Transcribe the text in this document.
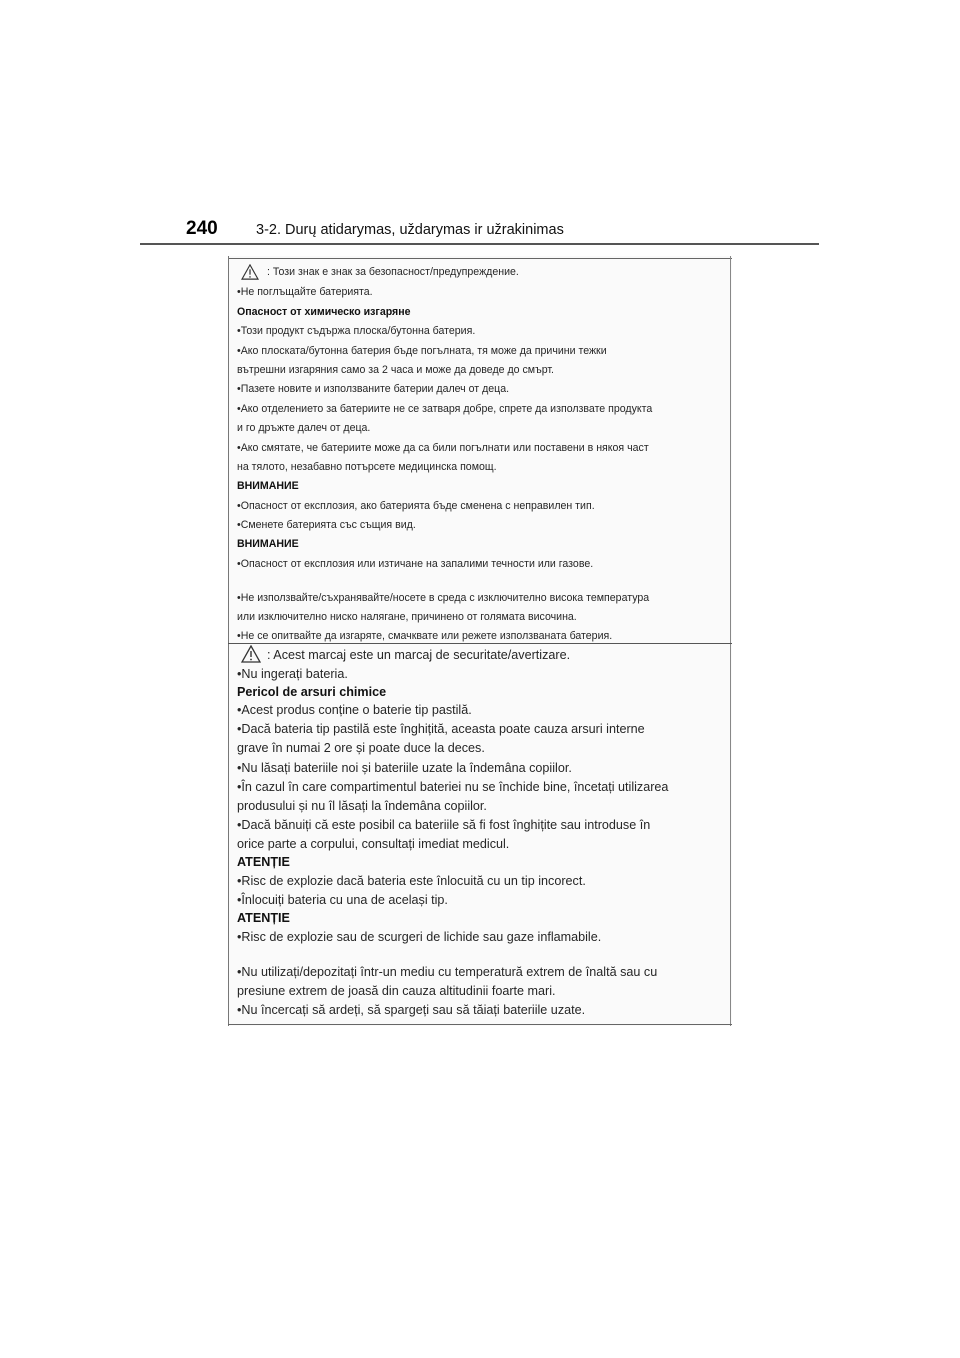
240	3-2. Durų atidarymas, uždarymas ir užrakinimas
: Този знак е знак за безопасност/предупреждение.
•Не поглъщайте батерията.
Опасност от химическо изгаряне
•Този продукт съдържа плоска/бутонна батерия.
•Ако плоската/бутонна батерия бъде погълната, тя може да причини тежки
вътрешни изгаряния само за 2 часа и може да доведе до смърт.
•Пазете новите и използваните батерии далеч от деца.
•Ако отделението за батериите не се затваря добре, спрете да използвате продукта
и го дръжте далеч от деца.
•Ако смятате, че батериите може да са били погълнати или поставени в някоя част
на тялото, незабавно потърсете медицинска помощ.
ВНИМАНИЕ
•Опасност от експлозия, ако батерията бъде сменена с неправилен тип.
•Сменете батерията със същия вид.
ВНИМАНИЕ
•Опасност от експлозия или изтичане на запалими течности или газове.
•Не използвайте/съхранявайте/носете в среда с изключително висока температура
или изключително ниско налягане, причинено от голямата височина.
•Не се опитвайте да изгаряте, смачквате или режете използваната батерия.
: Acest marcaj este un marcaj de securitate/avertizare.
•Nu ingerați bateria.
Pericol de arsuri chimice
•Acest produs conține o baterie tip pastilă.
•Dacă bateria tip pastilă este înghițită, aceasta poate cauza arsuri interne
grave în numai 2 ore și poate duce la deces.
•Nu lăsați bateriile noi și bateriile uzate la îndemâna copiilor.
•În cazul în care compartimentul bateriei nu se închide bine, încetați utilizarea
produsului și nu îl lăsați la îndemâna copiilor.
•Dacă bănuiți că este posibil ca bateriile să fi fost înghițite sau introduse în
orice parte a corpului, consultați imediat medicul.
ATENȚIE
•Risc de explozie dacă bateria este înlocuită cu un tip incorect.
•Înlocuiți bateria cu una de același tip.
ATENȚIE
•Risc de explozie sau de scurgeri de lichide sau gaze inflamabile.
•Nu utilizați/depozitați într-un mediu cu temperatură extrem de înaltă sau cu
presiune extrem de joasă din cauza altitudinii foarte mari.
•Nu încercați să ardeți, să spargeți sau să tăiați bateriile uzate.
